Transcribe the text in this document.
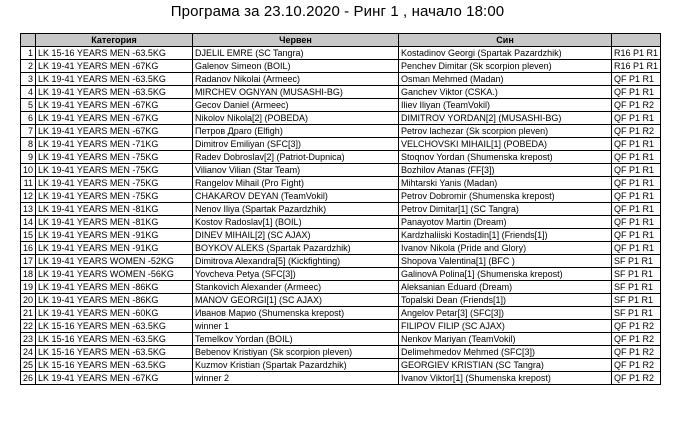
Програма за 23.10.2020 - Ринг 1 , начало 18:00
	Категория	Червен	Син	
1	LK 15-16 YEARS MEN -63.5KG	DJELIL EMRE (SC Tangra)	Kostadinov Georgi (Spartak Pazardzhik)	R16 P1 R1
2	LK 19-41 YEARS MEN -67KG	Galenov Simeon (BOIL)	Penchev Dimitar (Sk scorpion pleven)	R16 P1 R1
3	LK 19-41 YEARS MEN -63.5KG	Radanov Nikolai (Armeec)	Osman Mehmed (Madan)	QF P1 R1
4	LK 19-41 YEARS MEN -63.5KG	MIRCHEV OGNYAN (MUSASHI-BG)	Ganchev Viktor (CSKA.)	QF P1 R1
5	LK 19-41 YEARS MEN -67KG	Gecov Daniel (Armeec)	Iliev Iliyan (TeamVokil)	QF P1 R2
6	LK 19-41 YEARS MEN -67KG	Nikolov Nikola[2] (POBEDA)	DIMITROV YORDAN[2] (MUSASHI-BG)	QF P1 R1
7	LK 19-41 YEARS MEN -67KG	Петров Драго (Elfigh)	Petrov lachezar (Sk scorpion pleven)	QF P1 R2
8	LK 19-41 YEARS MEN -71KG	Dimitrov Emiliyan (SFC[3])	VELCHOVSKI MIHAIL[1] (POBEDA)	QF P1 R1
9	LK 19-41 YEARS MEN -75KG	Radev Dobroslav[2] (Patriot-Dupnica)	Stoqnov Yordan (Shumenska krepost)	QF P1 R1
10	LK 19-41 YEARS MEN -75KG	Vilianov Vilian (Star Team)	Bozhilov Atanas (FF[3])	QF P1 R1
11	LK 19-41 YEARS MEN -75KG	Rangelov Mihail (Pro Fight)	Mihtarski Yanis (Madan)	QF P1 R1
12	LK 19-41 YEARS MEN -75KG	CHAKAROV DEYAN (TeamVokil)	Petrov Dobromir (Shumenska krepost)	QF P1 R1
13	LK 19-41 YEARS MEN -81KG	Nenov Iliya (Spartak Pazardzhik)	Petrov Dimitar[1] (SC Tangra)	QF P1 R1
14	LK 19-41 YEARS MEN -81KG	Kostov Radoslav[1] (BOIL)	Panayotov Martin (Dream)	QF P1 R1
15	LK 19-41 YEARS MEN -91KG	DINEV MIHAIL[2] (SC AJAX)	Kardzhaliiski Kostadin[1] (Friends[1])	QF P1 R1
16	LK 19-41 YEARS MEN -91KG	BOYKOV ALEKS (Spartak Pazardzhik)	Ivanov Nikola (Pride and Glory)	QF P1 R1
17	LK 19-41 YEARS WOMEN -52KG	Dimitrova Alexandra[5] (Kickfighting)	Shopova Valentina[1] (BFC )	SF P1 R1
18	LK 19-41 YEARS WOMEN -56KG	Yovcheva Petya (SFC[3])	GalinovA Polina[1] (Shumenska krepost)	SF P1 R1
19	LK 19-41 YEARS MEN -86KG	Stankovich Alexander (Armeec)	Aleksanian Eduard (Dream)	SF P1 R1
20	LK 19-41 YEARS MEN -86KG	MANOV GEORGI[1] (SC AJAX)	Topalski Dean (Friends[1])	SF P1 R1
21	LK 19-41 YEARS MEN -60KG	Иванов Марио (Shumenska krepost)	Angelov Petar[3] (SFC[3])	SF P1 R1
22	LK 15-16 YEARS MEN -63.5KG	winner 1	FILIPOV FILIP (SC AJAX)	QF P1 R2
23	LK 15-16 YEARS MEN -63.5KG	Temelkov Yordan (BOIL)	Nenkov Mariyan (TeamVokil)	QF P1 R2
24	LK 15-16 YEARS MEN -63.5KG	Bebenov Kristiyan (Sk scorpion pleven)	Delimehmedov Mehmed (SFC[3])	QF P1 R2
25	LK 15-16 YEARS MEN -63.5KG	Kuzmov Kristian (Spartak Pazardzhik)	GEORGIEV KRISTIAN (SC Tangra)	QF P1 R2
26	LK 19-41 YEARS MEN -67KG	winner 2	Ivanov Viktor[1] (Shumenska krepost)	QF P1 R2
